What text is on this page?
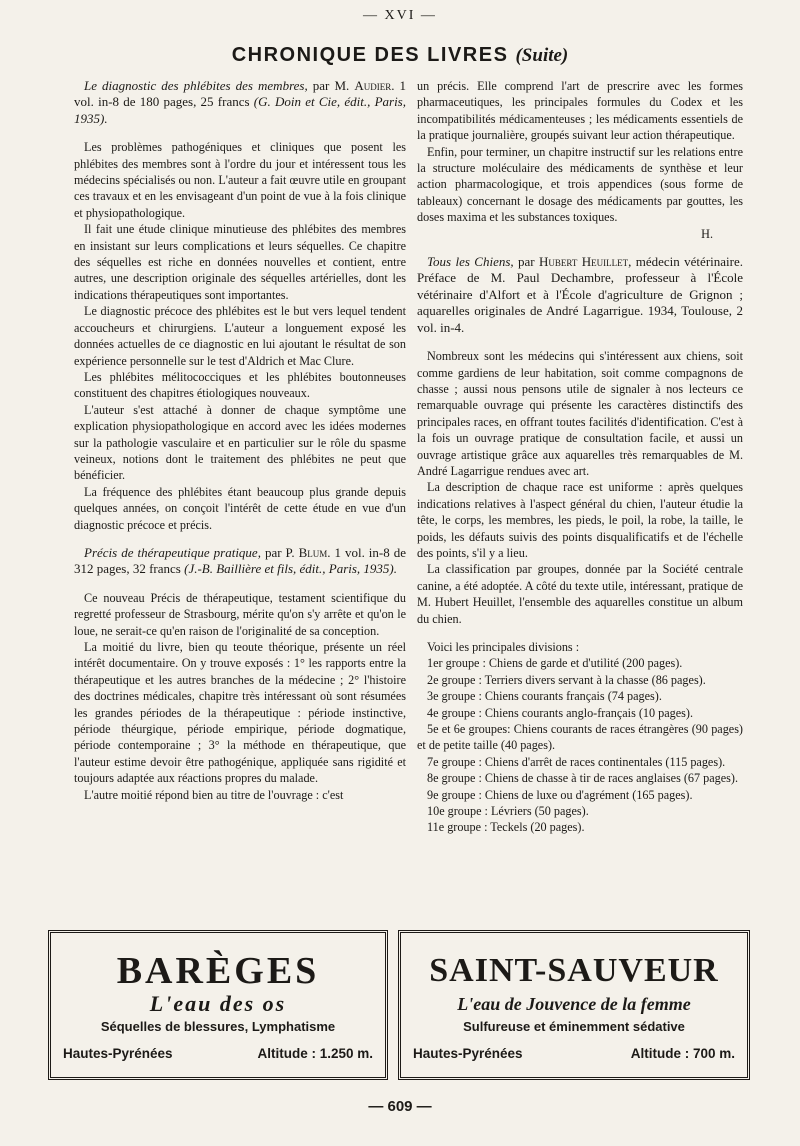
— XVI —
CHRONIQUE DES LIVRES (Suite)

Le diagnostic des phlébites des membres, par M. Audier. 1 vol. in-8 de 180 pages, 25 francs (G. Doin et Cie, édit., Paris, 1935).

Les problèmes pathogéniques et cliniques que posent les phlébites des membres sont à l'ordre du jour et intéressent tous les médecins spécialisés ou non. L'auteur a fait œuvre utile en groupant ces travaux et en les envisageant d'un point de vue à la fois clinique et physiopathologique.

Il fait une étude clinique minutieuse des phlébites des membres en insistant sur leurs complications et leurs séquelles. Ce chapitre des séquelles est riche en données nouvelles et contient, entre autres, une description originale des séquelles artérielles, dont les indications thérapeutiques sont importantes.

Le diagnostic précoce des phlébites est le but vers lequel tendent accoucheurs et chirurgiens. L'auteur a longuement exposé les données actuelles de ce diagnostic en lui ajoutant le résultat de son expérience personnelle sur le test d'Aldrich et Mac Clure.

Les phlébites mélitococciques et les phlébites boutonneuses constituent des chapitres étiologiques nouveaux.

L'auteur s'est attaché à donner de chaque symptôme une explication physiopathologique en accord avec les idées modernes sur la pathologie vasculaire et en particulier sur le rôle du spasme veineux, notions dont le traitement des phlébites ne peut que bénéficier.

La fréquence des phlébites étant beaucoup plus grande depuis quelques années, on conçoit l'intérêt de cette étude en vue d'un diagnostic précoce et précis.

Précis de thérapeutique pratique, par P. Blum. 1 vol. in-8 de 312 pages, 32 francs (J.-B. Baillière et fils, édit., Paris, 1935).

Ce nouveau Précis de thérapeutique, testament scientifique du regretté professeur de Strasbourg, mérite qu'on s'y arrête et qu'on le loue, ne serait-ce qu'en raison de l'originalité de sa conception.

La moitié du livre, bien qu teoute théorique, présente un réel intérêt documentaire. On y trouve exposés : 1° les rapports entre la thérapeutique et les autres branches de la médecine ; 2° l'histoire des doctrines médicales, chapitre très intéressant où sont résumées les grandes périodes de la thérapeutique : période instinctive, période théurgique, période empirique, période dogmatique, période contemporaine ; 3° la méthode en thérapeutique, que l'auteur estime devoir être pathogénique, appliquée sans rigidité et toujours adaptée aux réactions propres du malade.

L'autre moitié répond bien au titre de l'ouvrage : c'est

un précis. Elle comprend l'art de prescrire avec les formes pharmaceutiques, les principales formules du Codex et les incompatibilités médicamenteuses ; les médicaments essentiels de la pratique journalière, groupés suivant leur action thérapeutique.

Enfin, pour terminer, un chapitre instructif sur les relations entre la structure moléculaire des médicaments de synthèse et leur action pharmacologique, et trois appendices (sous forme de tableaux) concernant le dosage des médicaments par gouttes, les doses maxima et les substances toxiques.

H.

Tous les Chiens, par Hubert Heuillet, médecin vétérinaire. Préface de M. Paul Dechambre, professeur à l'École vétérinaire d'Alfort et à l'École d'agriculture de Grignon ; aquarelles originales de André Lagarrigue. 1934, Toulouse, 2 vol. in-4.

Nombreux sont les médecins qui s'intéressent aux chiens, soit comme gardiens de leur habitation, soit comme compagnons de chasse ; aussi nous pensons utile de signaler à nos lecteurs ce remarquable ouvrage qui présente les caractères distinctifs des principales races, en offrant toutes facilités d'identification. C'est à la fois un ouvrage pratique de consultation facile, et aussi un ouvrage artistique grâce aux aquarelles très remarquables de M. André Lagarrigue rendues avec art.

La description de chaque race est uniforme : après quelques indications relatives à l'aspect général du chien, l'auteur étudie la tête, le corps, les membres, les pieds, le poil, la robe, la taille, le poids, les défauts suivis des points disqualificatifs et de l'échelle des points, s'il y a lieu.

La classification par groupes, donnée par la Société centrale canine, a été adoptée. A côté du texte utile, intéressant, pratique de M. Hubert Heuillet, l'ensemble des aquarelles constitue un album du chien.

Voici les principales divisions :

1er groupe : Chiens de garde et d'utilité (200 pages).

2e groupe : Terriers divers servant à la chasse (86 pages).

3e groupe : Chiens courants français (74 pages).

4e groupe : Chiens courants anglo-français (10 pages).

5e et 6e groupes: Chiens courants de races étrangères (90 pages) et de petite taille (40 pages).

7e groupe : Chiens d'arrêt de races continentales (115 pages).

8e groupe : Chiens de chasse à tir de races anglaises (67 pages).

9e groupe : Chiens de luxe ou d'agrément (165 pages).

10e groupe : Lévriers (50 pages).

11e groupe : Teckels (20 pages).

BARÈGES
L'eau des os
Séquelles de blessures, Lymphatisme
Hautes-Pyrénées	Altitude : 1.250 m.
SAINT-SAUVEUR
L'eau de Jouvence de la femme
Sulfureuse et éminemment sédative
Hautes-Pyrénées	Altitude : 700 m.
— 609 —
